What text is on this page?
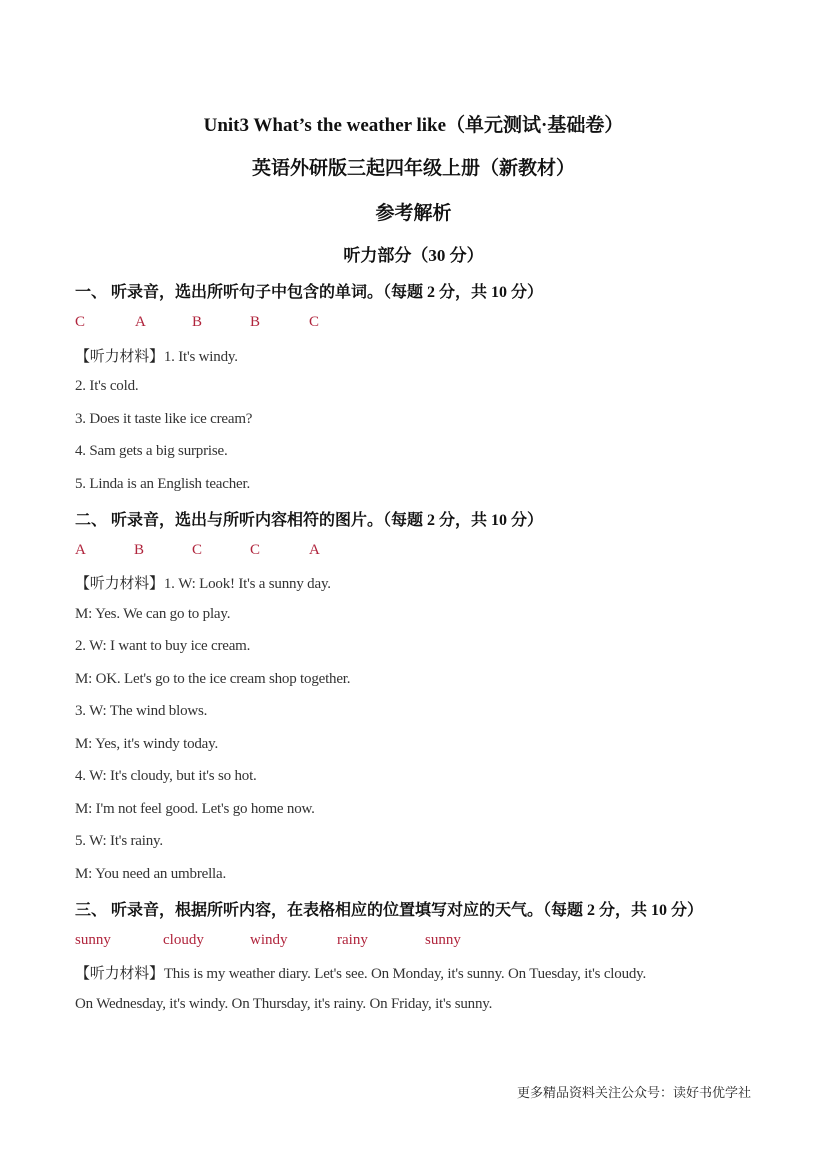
Unit3 What’s the weather like（单元测试·基础卷）
英语外研版三起四年级上册（新教材）
参考解析
听力部分（30 分）
一、 听录音，选出所听句子中包含的单词。（每题 2 分，共 10 分）
C	A	B	B	C
【听力材料】1. It's windy.
2. It's cold.
3. Does it taste like ice cream?
4. Sam gets a big surprise.
5. Linda is an English teacher.
二、 听录音，选出与所听内容相符的图片。（每题 2 分，共 10 分）
A	B	C	C	A
【听力材料】1. W: Look! It's a sunny day.
M: Yes. We can go to play.
2. W: I want to buy ice cream.
M: OK. Let's go to the ice cream shop together.
3. W: The wind blows.
M: Yes, it's windy today.
4. W: It's cloudy, but it's so hot.
M: I'm not feel good. Let's go home now.
5. W: It's rainy.
M: You need an umbrella.
三、 听录音，根据所听内容，在表格相应的位置填写对应的天气。（每题 2 分，共 10 分）
sunny	cloudy	windy	rainy	sunny
【听力材料】This is my weather diary. Let's see. On Monday, it's sunny. On Tuesday, it's cloudy.
On Wednesday, it's windy. On Thursday, it's rainy. On Friday, it's sunny.
更多精品资料关注公众号：读好书优学社
